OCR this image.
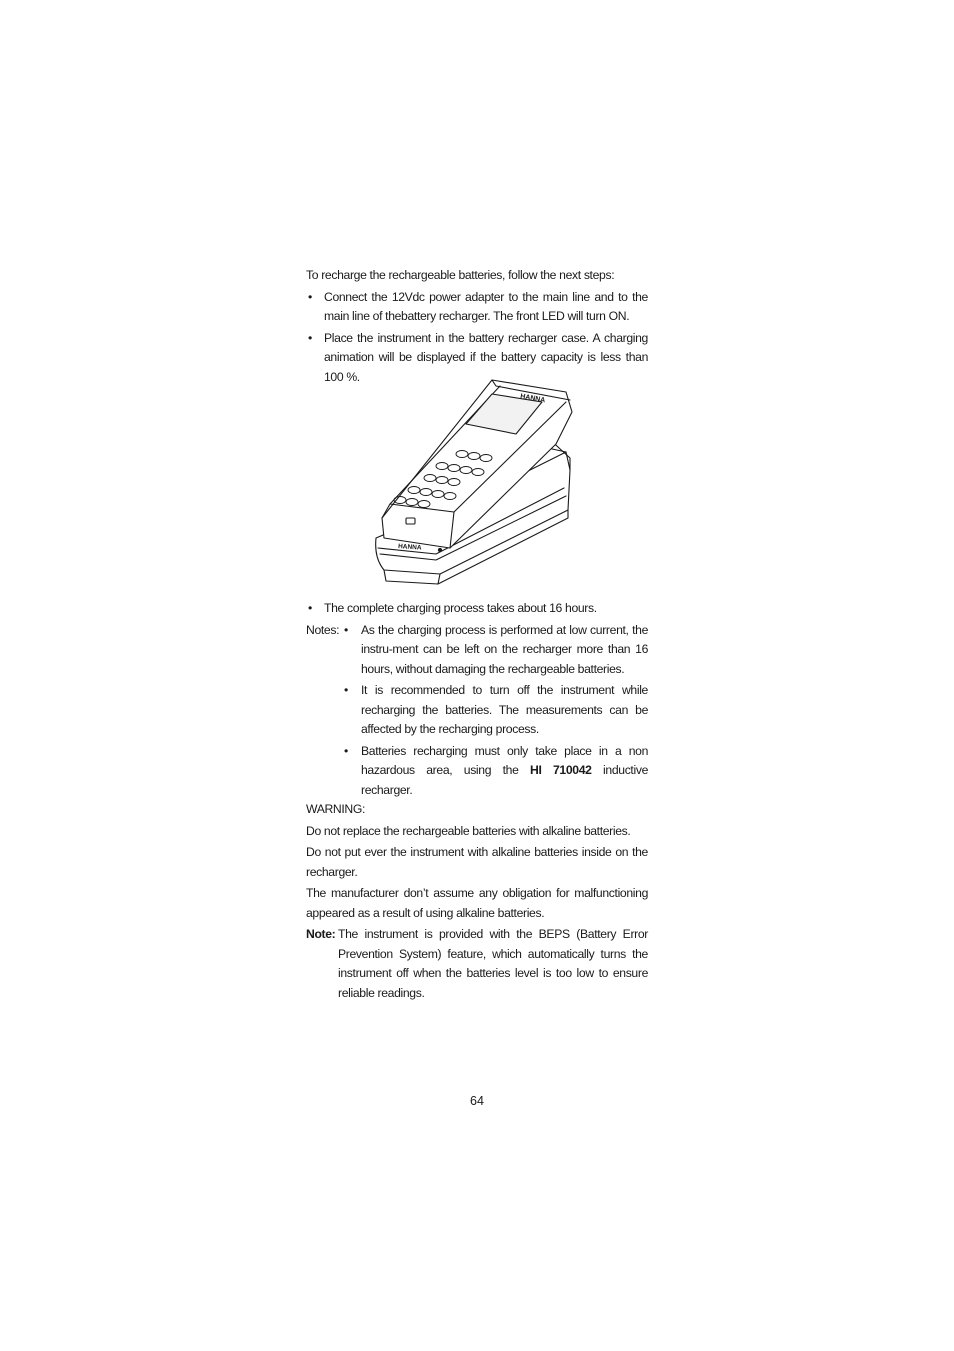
To recharge the rechargeable batteries, follow the next steps:

• Connect the 12Vdc power adapter to the main line and to the main line of thebattery recharger. The front LED will turn ON.
• Place the instrument in the battery recharger case. A charging animation will be displayed if the battery capacity is less than 100 %.
HANNA
HANNA
• The complete charging process takes about 16 hours.
Notes: • As the charging process is performed at low current, the instru-ment can be left on the recharger more than 16 hours, without damaging the rechargeable batteries.
• It is recommended to turn off the instrument while recharging the batteries. The measurements can be affected by the recharging process.
• Batteries recharging must only take place in a non hazardous area, using the HI 710042 inductive recharger.

WARNING:

Do not replace the rechargeable batteries with alkaline batteries.

Do not put ever the instrument with alkaline batteries inside on the recharger.

The manufacturer don’t assume any obligation for malfunctioning appeared as a result of using alkaline batteries.

Note: The instrument is provided with the BEPS (Battery Error Prevention System) feature, which automatically turns the instrument off when the batteries level is too low to ensure reliable readings.
64
